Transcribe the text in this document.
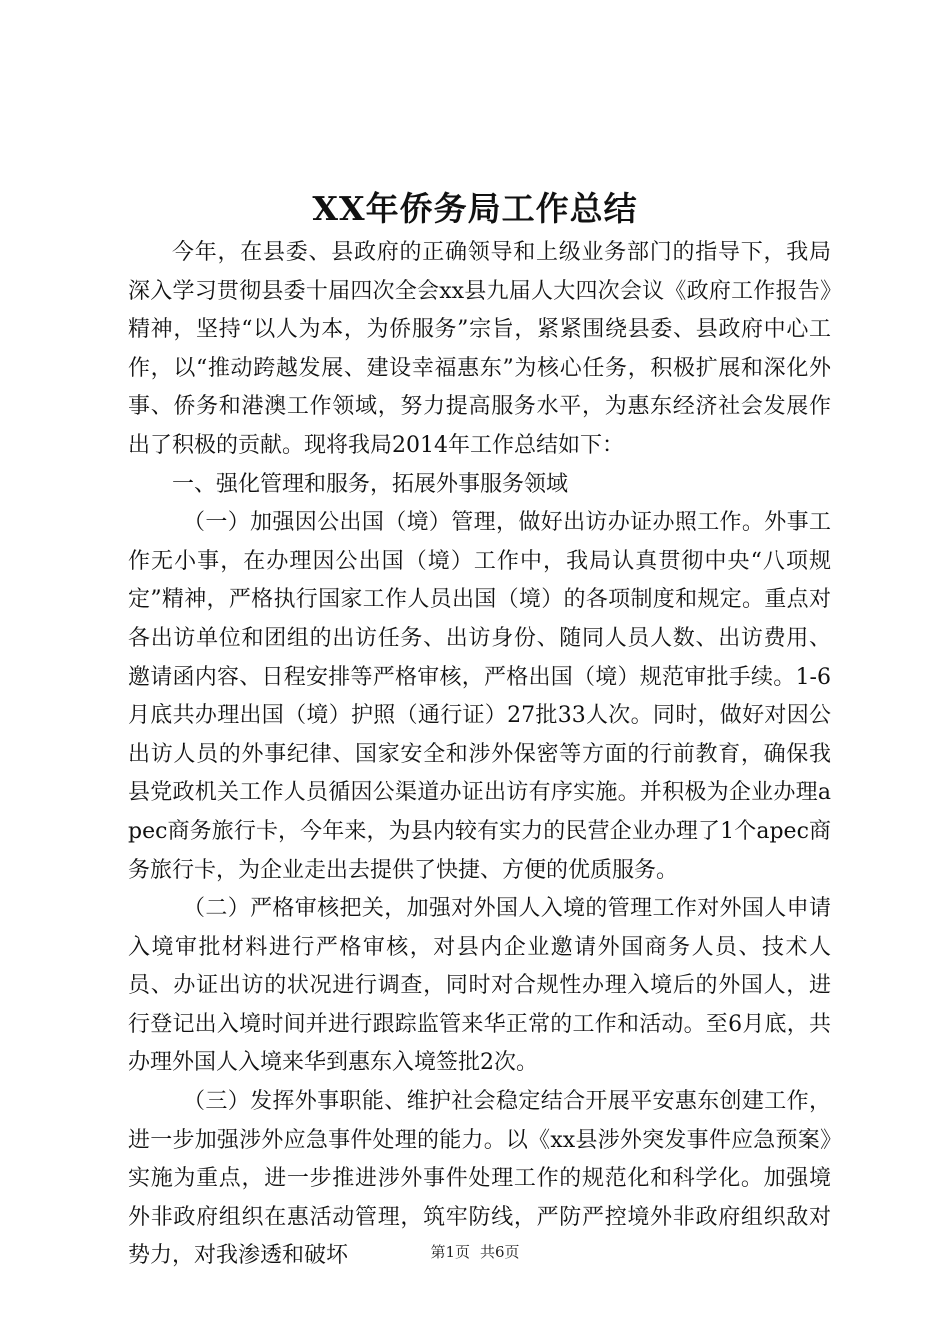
XX年侨务局工作总结

今年，在县委、县政府的正确领导和上级业务部门的指导下，我局深入学习贯彻县委十届四次全会xx县九届人大四次会议《政府工作报告》精神，坚持“以人为本，为侨服务”宗旨，紧紧围绕县委、县政府中心工作，以“推动跨越发展、建设幸福惠东”为核心任务，积极扩展和深化外事、侨务和港澳工作领域，努力提高服务水平，为惠东经济社会发展作出了积极的贡献。现将我局2014年工作总结如下：

一、强化管理和服务，拓展外事服务领域

（一）加强因公出国（境）管理，做好出访办证办照工作。外事工作无小事，在办理因公出国（境）工作中，我局认真贯彻中央“八项规定”精神，严格执行国家工作人员出国（境）的各项制度和规定。重点对各出访单位和团组的出访任务、出访身份、随同人员人数、出访费用、邀请函内容、日程安排等严格审核，严格出国（境）规范审批手续。1-6月底共办理出国（境）护照（通行证）27批33人次。同时，做好对因公出访人员的外事纪律、国家安全和涉外保密等方面的行前教育，确保我县党政机关工作人员循因公渠道办证出访有序实施。并积极为企业办理apec商务旅行卡，今年来，为县内较有实力的民营企业办理了1个apec商务旅行卡，为企业走出去提供了快捷、方便的优质服务。

（二）严格审核把关，加强对外国人入境的管理工作对外国人申请入境审批材料进行严格审核，对县内企业邀请外国商务人员、技术人员、办证出访的状况进行调查，同时对合规性办理入境后的外国人，进行登记出入境时间并进行跟踪监管来华正常的工作和活动。至6月底，共办理外国人入境来华到惠东入境签批2次。

（三）发挥外事职能、维护社会稳定结合开展平安惠东创建工作，进一步加强涉外应急事件处理的能力。以《xx县涉外突发事件应急预案》实施为重点，进一步推进涉外事件处理工作的规范化和科学化。加强境外非政府组织在惠活动管理，筑牢防线，严防严控境外非政府组织敌对势力，对我渗透和破坏	第1页 共6页
